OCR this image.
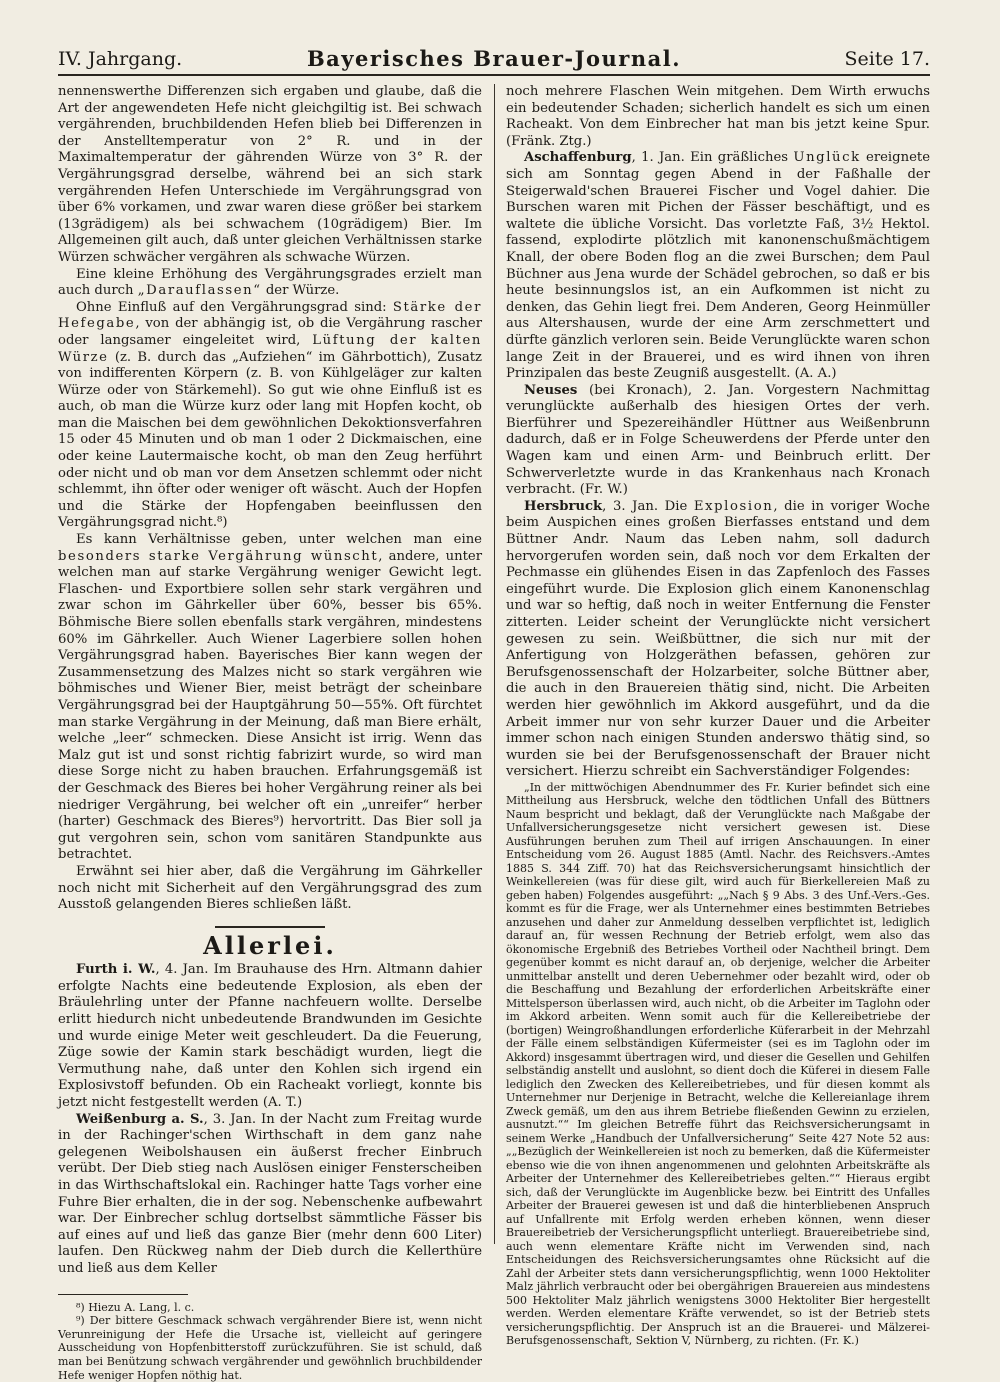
IV. Jahrgang.	Bayerisches Brauer-Journal.	Seite 17.

nennenswerthe Differenzen sich ergaben und glaube, daß die Art der angewendeten Hefe nicht gleichgiltig ist. Bei schwach vergährenden, bruchbildenden Hefen blieb bei Differenzen in der Anstelltemperatur von 2° R. und in der Maximaltemperatur der gährenden Würze von 3° R. der Vergährungsgrad derselbe, während bei an sich stark vergährenden Hefen Unterschiede im Vergährungsgrad von über 6% vorkamen, und zwar waren diese größer bei starkem (13grädigem) als bei schwachem (10grädigem) Bier. Im Allgemeinen gilt auch, daß unter gleichen Verhältnissen starke Würzen schwächer vergähren als schwache Würzen.

Eine kleine Erhöhung des Vergährungsgrades erzielt man auch durch „Darauflassen“ der Würze.

Ohne Einfluß auf den Vergährungsgrad sind: Stärke der Hefegabe, von der abhängig ist, ob die Vergährung rascher oder langsamer eingeleitet wird, Lüftung der kalten Würze (z. B. durch das „Aufziehen“ im Gährbottich), Zusatz von indifferenten Körpern (z. B. von Kühlgeläger zur kalten Würze oder von Stärkemehl). So gut wie ohne Einfluß ist es auch, ob man die Würze kurz oder lang mit Hopfen kocht, ob man die Maischen bei dem gewöhnlichen Dekoktionsverfahren 15 oder 45 Minuten und ob man 1 oder 2 Dickmaischen, eine oder keine Lautermaische kocht, ob man den Zeug herführt oder nicht und ob man vor dem Ansetzen schlemmt oder nicht schlemmt, ihn öfter oder weniger oft wäscht. Auch der Hopfen und die Stärke der Hopfengaben beeinflussen den Vergährungsgrad nicht.⁸)

Es kann Verhältnisse geben, unter welchen man eine besonders starke Vergährung wünscht, andere, unter welchen man auf starke Vergährung weniger Gewicht legt. Flaschen- und Exportbiere sollen sehr stark vergähren und zwar schon im Gährkeller über 60%, besser bis 65%. Böhmische Biere sollen ebenfalls stark vergähren, mindestens 60% im Gährkeller. Auch Wiener Lagerbiere sollen hohen Vergährungsgrad haben. Bayerisches Bier kann wegen der Zusammensetzung des Malzes nicht so stark vergähren wie böhmisches und Wiener Bier, meist beträgt der scheinbare Vergährungsgrad bei der Hauptgährung 50—55%. Oft fürchtet man starke Vergährung in der Meinung, daß man Biere erhält, welche „leer“ schmecken. Diese Ansicht ist irrig. Wenn das Malz gut ist und sonst richtig fabrizirt wurde, so wird man diese Sorge nicht zu haben brauchen. Erfahrungsgemäß ist der Geschmack des Bieres bei hoher Vergährung reiner als bei niedriger Vergährung, bei welcher oft ein „unreifer“ herber (harter) Geschmack des Bieres⁹) hervortritt. Das Bier soll ja gut vergohren sein, schon vom sanitären Standpunkte aus betrachtet.

Erwähnt sei hier aber, daß die Vergährung im Gährkeller noch nicht mit Sicherheit auf den Vergährungsgrad des zum Ausstoß gelangenden Bieres schließen läßt.

Allerlei.

Furth i. W., 4. Jan. Im Brauhause des Hrn. Altmann dahier erfolgte Nachts eine bedeutende Explosion, als eben der Bräulehrling unter der Pfanne nachfeuern wollte. Derselbe erlitt hiedurch nicht unbedeutende Brandwunden im Gesichte und wurde einige Meter weit geschleudert. Da die Feuerung, Züge sowie der Kamin stark beschädigt wurden, liegt die Vermuthung nahe, daß unter den Kohlen sich irgend ein Explosivstoff befunden. Ob ein Racheakt vorliegt, konnte bis jetzt nicht festgestellt werden (A. T.)

Weißenburg a. S., 3. Jan. In der Nacht zum Freitag wurde in der Rachinger'schen Wirthschaft in dem ganz nahe gelegenen Weibolshausen ein äußerst frecher Einbruch verübt. Der Dieb stieg nach Auslösen einiger Fensterscheiben in das Wirthschaftslokal ein. Rachinger hatte Tags vorher eine Fuhre Bier erhalten, die in der sog. Nebenschenke aufbewahrt war. Der Einbrecher schlug dortselbst sämmtliche Fässer bis auf eines auf und ließ das ganze Bier (mehr denn 600 Liter) laufen. Den Rückweg nahm der Dieb durch die Kellerthüre und ließ aus dem Keller

⁸) Hiezu A. Lang, l. c.

⁹) Der bittere Geschmack schwach vergährender Biere ist, wenn nicht Verunreinigung der Hefe die Ursache ist, vielleicht auf geringere Ausscheidung von Hopfenbitterstoff zurückzuführen. Sie ist schuld, daß man bei Benützung schwach vergährender und gewöhnlich bruchbildender Hefe weniger Hopfen nöthig hat.

noch mehrere Flaschen Wein mitgehen. Dem Wirth erwuchs ein bedeutender Schaden; sicherlich handelt es sich um einen Racheakt. Von dem Einbrecher hat man bis jetzt keine Spur. (Fränk. Ztg.)

Aschaffenburg, 1. Jan. Ein gräßliches Unglück ereignete sich am Sonntag gegen Abend in der Faßhalle der Steigerwald'schen Brauerei Fischer und Vogel dahier. Die Burschen waren mit Pichen der Fässer beschäftigt, und es waltete die übliche Vorsicht. Das vorletzte Faß, 3½ Hektol. fassend, explodirte plötzlich mit kanonenschußmächtigem Knall, der obere Boden flog an die zwei Burschen; dem Paul Büchner aus Jena wurde der Schädel gebrochen, so daß er bis heute besinnungslos ist, an ein Aufkommen ist nicht zu denken, das Gehin liegt frei. Dem Anderen, Georg Heinmüller aus Altershausen, wurde der eine Arm zerschmettert und dürfte gänzlich verloren sein. Beide Verunglückte waren schon lange Zeit in der Brauerei, und es wird ihnen von ihren Prinzipalen das beste Zeugniß ausgestellt. (A. A.)

Neuses (bei Kronach), 2. Jan. Vorgestern Nachmittag verunglückte außerhalb des hiesigen Ortes der verh. Bierführer und Spezereihändler Hüttner aus Weißenbrunn dadurch, daß er in Folge Scheuwerdens der Pferde unter den Wagen kam und einen Arm- und Beinbruch erlitt. Der Schwerverletzte wurde in das Krankenhaus nach Kronach verbracht. (Fr. W.)

Hersbruck, 3. Jan. Die Explosion, die in voriger Woche beim Auspichen eines großen Bierfasses entstand und dem Büttner Andr. Naum das Leben nahm, soll dadurch hervorgerufen worden sein, daß noch vor dem Erkalten der Pechmasse ein glühendes Eisen in das Zapfenloch des Fasses eingeführt wurde. Die Explosion glich einem Kanonenschlag und war so heftig, daß noch in weiter Entfernung die Fenster zitterten. Leider scheint der Verunglückte nicht versichert gewesen zu sein. Weißbüttner, die sich nur mit der Anfertigung von Holzgeräthen befassen, gehören zur Berufsgenossenschaft der Holzarbeiter, solche Büttner aber, die auch in den Brauereien thätig sind, nicht. Die Arbeiten werden hier gewöhnlich im Akkord ausgeführt, und da die Arbeit immer nur von sehr kurzer Dauer und die Arbeiter immer schon nach einigen Stunden anderswo thätig sind, so wurden sie bei der Berufsgenossenschaft der Brauer nicht versichert. Hierzu schreibt ein Sachverständiger Folgendes:

„In der mittwöchigen Abendnummer des Fr. Kurier befindet sich eine Mittheilung aus Hersbruck, welche den tödtlichen Unfall des Büttners Naum bespricht und beklagt, daß der Verunglückte nach Maßgabe der Unfallversicherungsgesetze nicht versichert gewesen ist. Diese Ausführungen beruhen zum Theil auf irrigen Anschauungen. In einer Entscheidung vom 26. August 1885 (Amtl. Nachr. des Reichsvers.-Amtes 1885 S. 344 Ziff. 70) hat das Reichsversicherungsamt hinsichtlich der Weinkellereien (was für diese gilt, wird auch für Bierkellereien Maß zu geben haben) Folgendes ausgeführt: „„Nach § 9 Abs. 3 des Unf.-Vers.-Ges. kommt es für die Frage, wer als Unternehmer eines bestimmten Betriebes anzusehen und daher zur Anmeldung desselben verpflichtet ist, lediglich darauf an, für wessen Rechnung der Betrieb erfolgt, wem also das ökonomische Ergebniß des Betriebes Vortheil oder Nachtheil bringt. Dem gegenüber kommt es nicht darauf an, ob derjenige, welcher die Arbeiter unmittelbar anstellt und deren Uebernehmer oder bezahlt wird, oder ob die Beschaffung und Bezahlung der erforderlichen Arbeitskräfte einer Mittelsperson überlassen wird, auch nicht, ob die Arbeiter im Taglohn oder im Akkord arbeiten. Wenn somit auch für die Kellereibetriebe der (bortigen) Weingroßhandlungen erforderliche Küferarbeit in der Mehrzahl der Fälle einem selbständigen Küfermeister (sei es im Taglohn oder im Akkord) insgesammt übertragen wird, und dieser die Gesellen und Gehilfen selbständig anstellt und auslohnt, so dient doch die Küferei in diesem Falle lediglich den Zwecken des Kellereibetriebes, und für diesen kommt als Unternehmer nur Derjenige in Betracht, welche die Kellereianlage ihrem Zweck gemäß, um den aus ihrem Betriebe fließenden Gewinn zu erzielen, ausnutzt.““ Im gleichen Betreffe führt das Reichsversicherungsamt in seinem Werke „Handbuch der Unfallversicherung“ Seite 427 Note 52 aus: „„Bezüglich der Weinkellereien ist noch zu bemerken, daß die Küfermeister ebenso wie die von ihnen angenommenen und gelohnten Arbeitskräfte als Arbeiter der Unternehmer des Kellereibetriebes gelten.““ Hieraus ergibt sich, daß der Verunglückte im Augenblicke bezw. bei Eintritt des Unfalles Arbeiter der Brauerei gewesen ist und daß die hinterbliebenen Anspruch auf Unfallrente mit Erfolg werden erheben können, wenn dieser Brauereibetrieb der Versicherungspflicht unterliegt. Brauereibetriebe sind, auch wenn elementare Kräfte nicht im Verwenden sind, nach Entscheidungen des Reichsversicherungsamtes ohne Rücksicht auf die Zahl der Arbeiter stets dann versicherungspflichtig, wenn 1000 Hektoliter Malz jährlich verbraucht oder bei obergährigen Brauereien aus mindestens 500 Hektoliter Malz jährlich wenigstens 3000 Hektoliter Bier hergestellt werden. Werden elementare Kräfte verwendet, so ist der Betrieb stets versicherungspflichtig. Der Anspruch ist an die Brauerei- und Mälzerei-Berufsgenossenschaft, Sektion V, Nürnberg, zu richten. (Fr. K.)
